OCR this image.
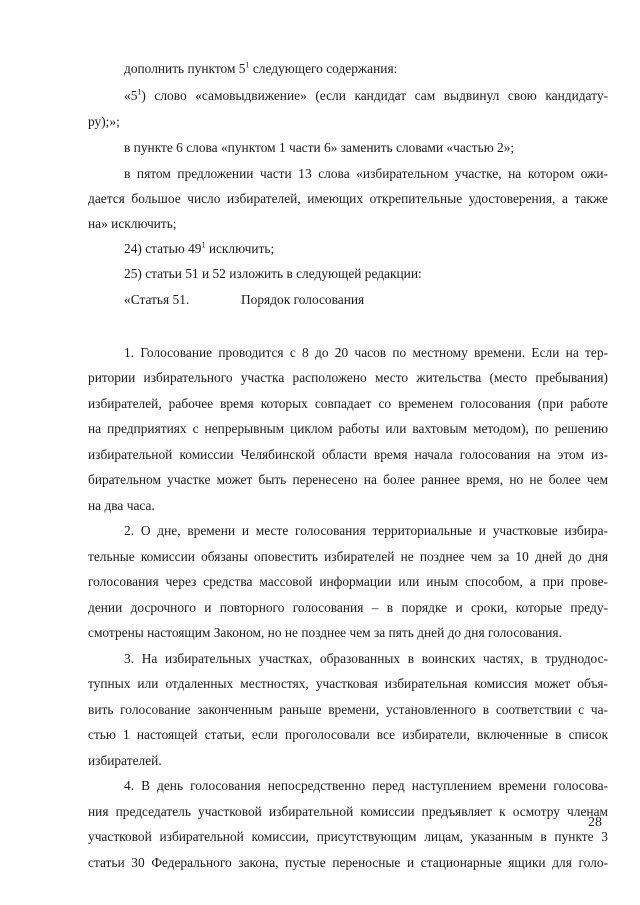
дополнить пунктом $5^1$ следующего содержания:
«$5^1$) слово «самовыдвижение» (если кандидат сам выдвинул свою кандидату-
ру);»;
в пункте 6 слова «пунктом 1 части 6» заменить словами «частью 2»;
в пятом предложении части 13 слова «избирательном участке, на котором ожи-
дается большое число избирателей, имеющих открепительные удостоверения, а также
на» исключить;
24) статью $49^1$ исключить;
25) статьи 51 и 52 изложить в следующей редакции:
«Статья 51.	Порядок голосования
1. Голосование проводится с 8 до 20 часов по местному времени. Если на тер-
ритории избирательного участка расположено место жительства (место пребывания)
избирателей, рабочее время которых совпадает со временем голосования (при работе
на предприятиях с непрерывным циклом работы или вахтовым методом), по решению
избирательной комиссии Челябинской области время начала голосования на этом из-
бирательном участке может быть перенесено на более раннее время, но не более чем
на два часа.
2. О дне, времени и месте голосования территориальные и участковые избира-
тельные комиссии обязаны оповестить избирателей не позднее чем за 10 дней до дня
голосования через средства массовой информации или иным способом, а при прове-
дении досрочного и повторного голосования – в порядке и сроки, которые преду-
смотрены настоящим Законом, но не позднее чем за пять дней до дня голосования.
3. На избирательных участках, образованных в воинских частях, в труднодос-
тупных или отдаленных местностях, участковая избирательная комиссия может объя-
вить голосование законченным раньше времени, установленного в соответствии с ча-
стью 1 настоящей статьи, если проголосовали все избиратели, включенные в список
избирателей.
4. В день голосования непосредственно перед наступлением времени голосова-
ния председатель участковой избирательной комиссии предъявляет к осмотру членам
участковой избирательной комиссии, присутствующим лицам, указанным в пункте 3
статьи 30 Федерального закона, пустые переносные и стационарные ящики для голо-
28
